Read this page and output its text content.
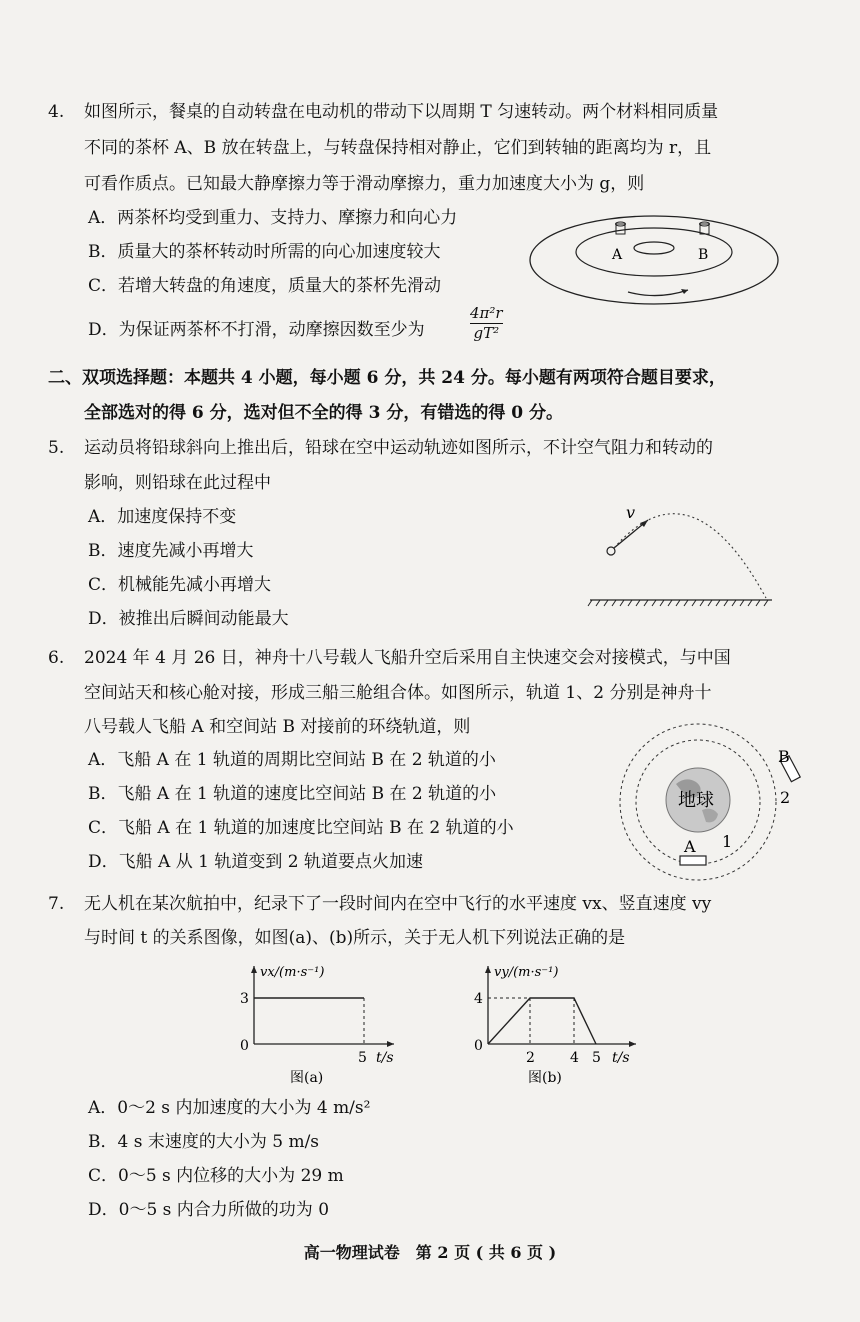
4. 如图所示，餐桌的自动转盘在电动机的带动下以周期 T 匀速转动。两个材料相同质量
不同的茶杯 A、B 放在转盘上，与转盘保持相对静止，它们到转轴的距离均为 r，且
可看作质点。已知最大静摩擦力等于滑动摩擦力，重力加速度大小为 g，则
A．两茶杯均受到重力、支持力、摩擦力和向心力
B．质量大的茶杯转动时所需的向心加速度较大
C．若增大转盘的角速度，质量大的茶杯先滑动
D．为保证两茶杯不打滑，动摩擦因数至少为
4π²r
gT²
A	B
二、双项选择题：本题共 4 小题，每小题 6 分，共 24 分。每小题有两项符合题目要求，
全部选对的得 6 分，选对但不全的得 3 分，有错选的得 0 分。
5. 运动员将铅球斜向上推出后，铅球在空中运动轨迹如图所示，不计空气阻力和转动的
影响，则铅球在此过程中
A．加速度保持不变
B．速度先减小再增大
C．机械能先减小再增大
D．被推出后瞬间动能最大
v
6. 2024 年 4 月 26 日，神舟十八号载人飞船升空后采用自主快速交会对接模式，与中国
空间站天和核心舱对接，形成三船三舱组合体。如图所示，轨道 1、2 分别是神舟十
八号载人飞船 A 和空间站 B 对接前的环绕轨道，则
A．飞船 A 在 1 轨道的周期比空间站 B 在 2 轨道的小
B．飞船 A 在 1 轨道的速度比空间站 B 在 2 轨道的小
C．飞船 A 在 1 轨道的加速度比空间站 B 在 2 轨道的小
D．飞船 A 从 1 轨道变到 2 轨道要点火加速
地球
B
2
A 1
7. 无人机在某次航拍中，纪录下了一段时间内在空中飞行的水平速度 vx、竖直速度 vy
与时间 t 的关系图像，如图(a)、(b)所示，关于无人机下列说法正确的是
3
0
5
vx/(m·s⁻¹)
t/s
图(a)
4
0
2	4 5
vy/(m·s⁻¹)
t/s
图(b)
A．0～2 s 内加速度的大小为 4 m/s²
B．4 s 末速度的大小为 5 m/s
C．0～5 s 内位移的大小为 29 m
D．0～5 s 内合力所做的功为 0
高一物理试卷　第 2 页 ( 共 6 页 )
